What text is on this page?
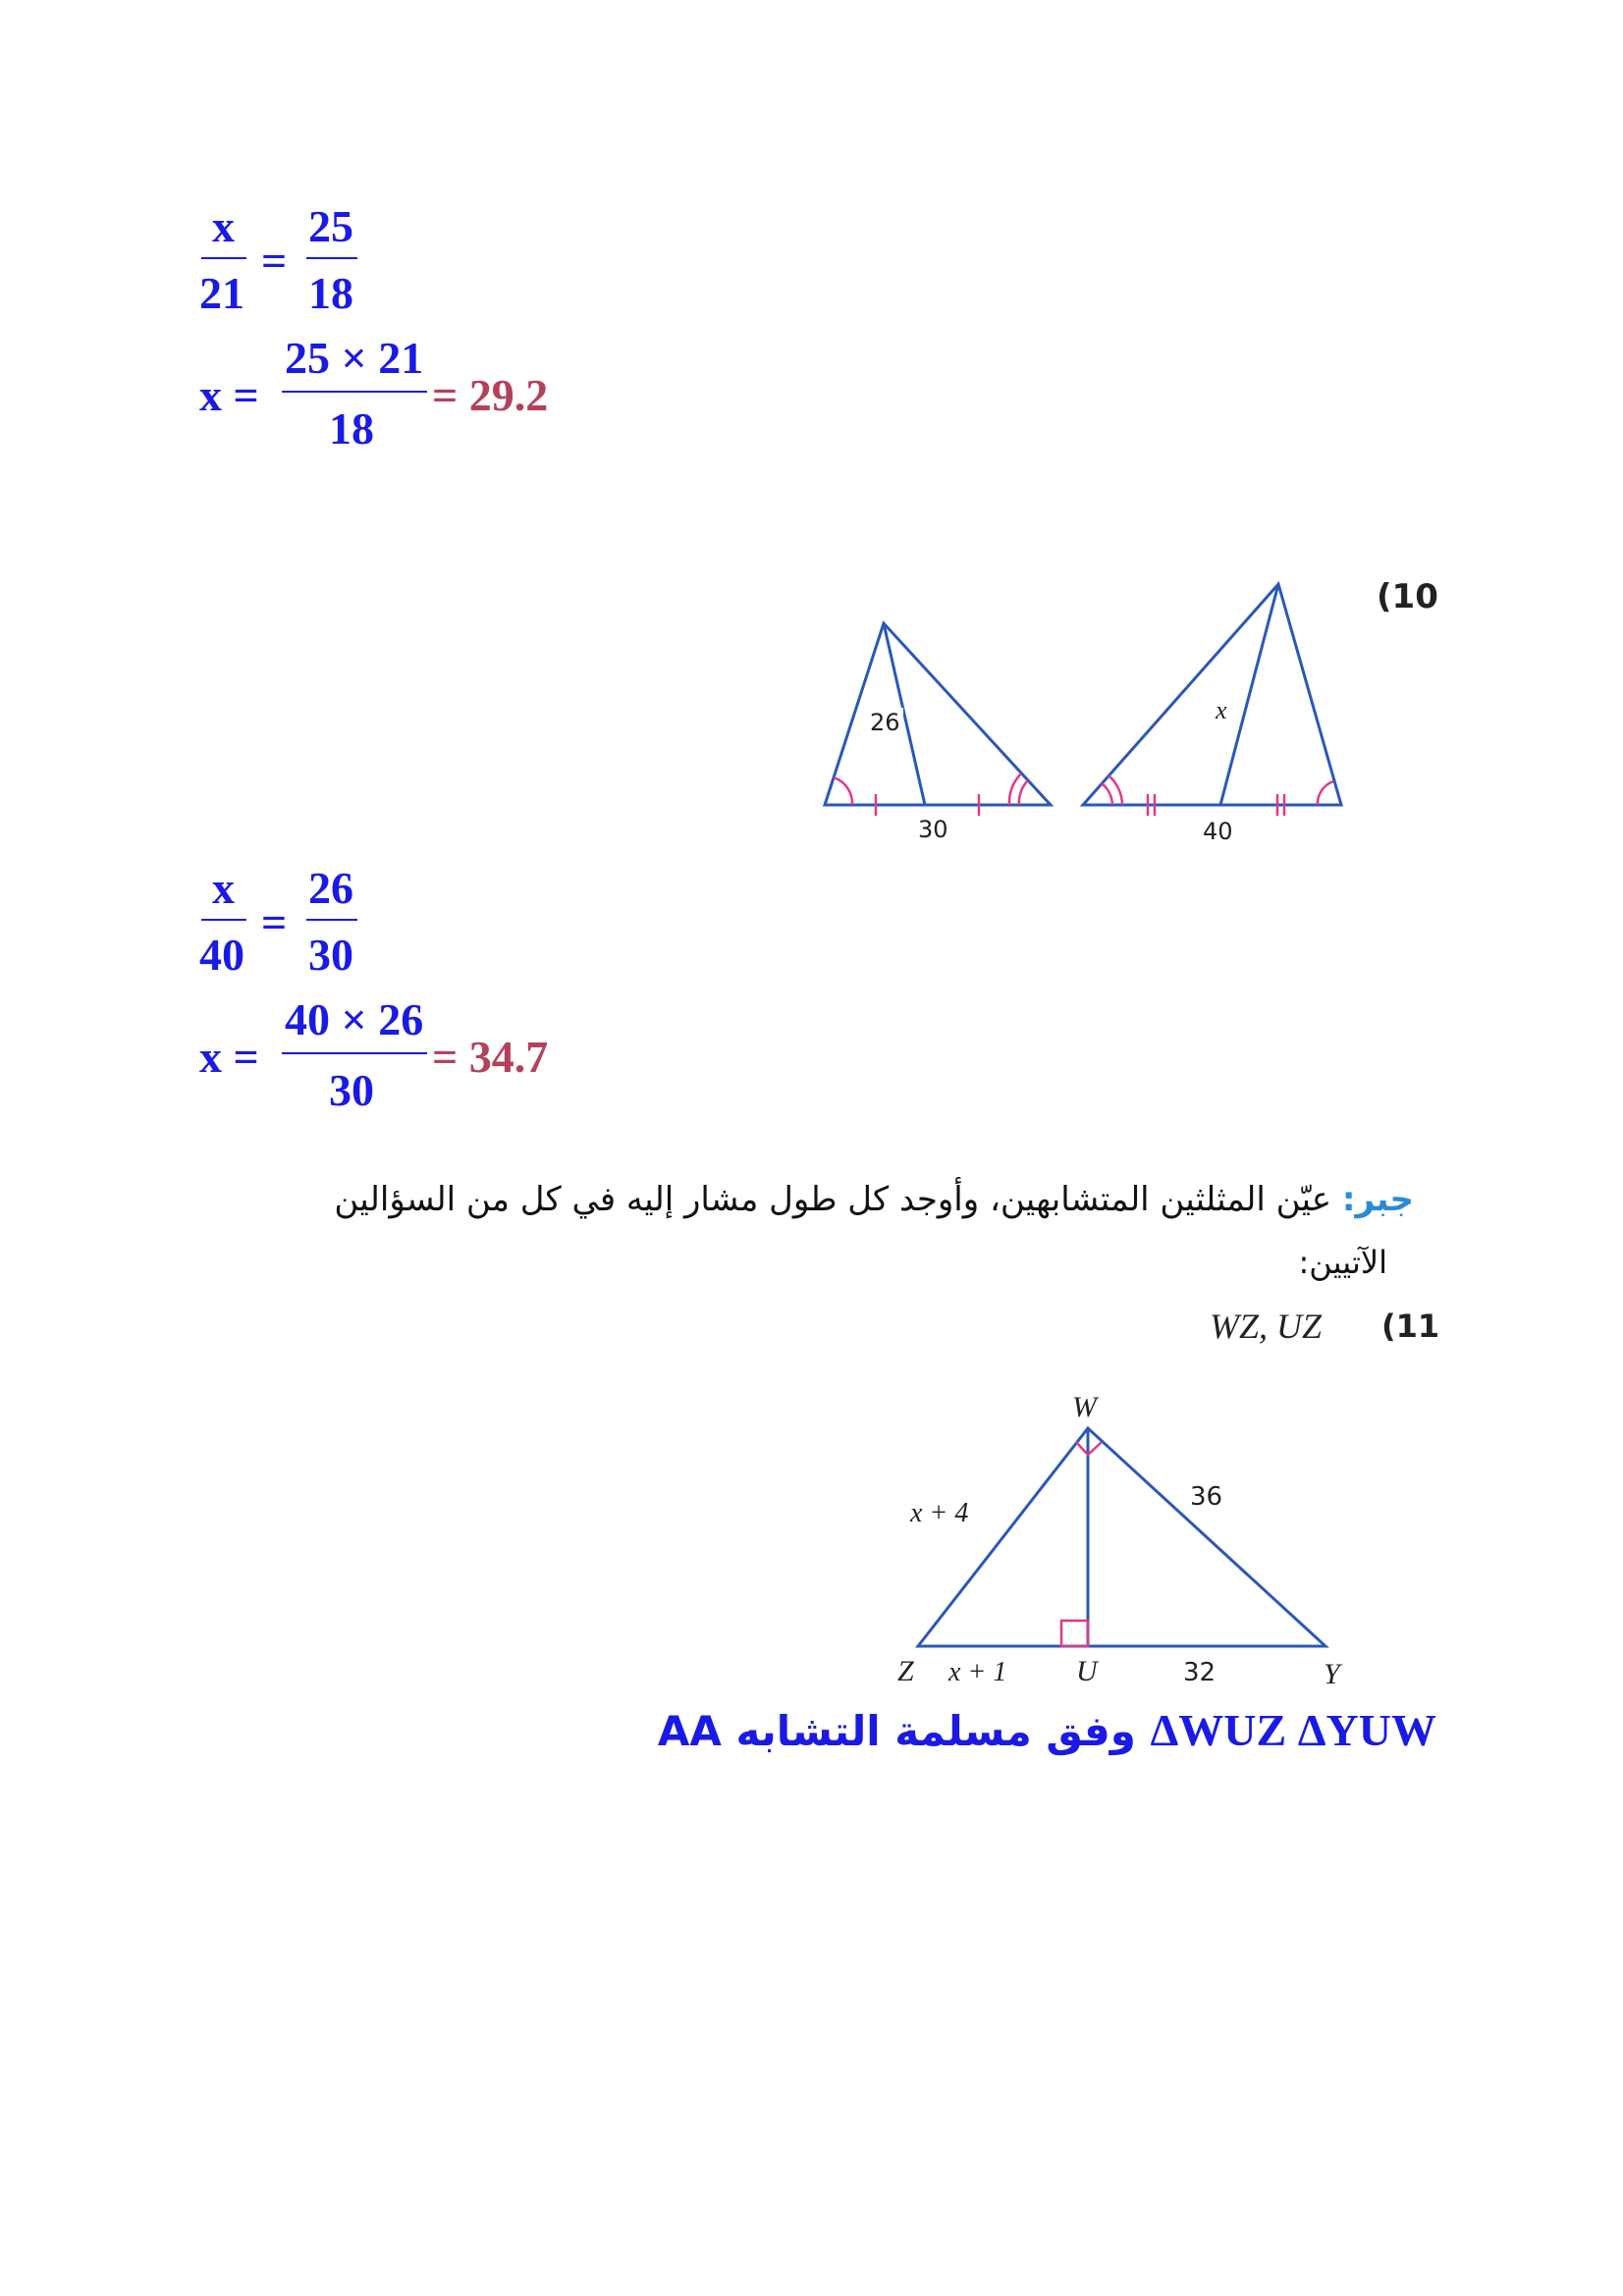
x
21
=
25
18
x =
25 × 21
18
= 29.2
(10
26
30
x
40
x
40
=
26
30
x =
40 × 26
30
= 34.7
جبر: عيّن المثلثين المتشابهين، وأوجد كل طول مشار إليه في كل من السؤالين
الآتيين:
(11
WZ, UZ
W
Z	U	Y
x + 4
36
x + 1	32
ΔWUZ ΔYUW وفق مسلمة التشابه AA
